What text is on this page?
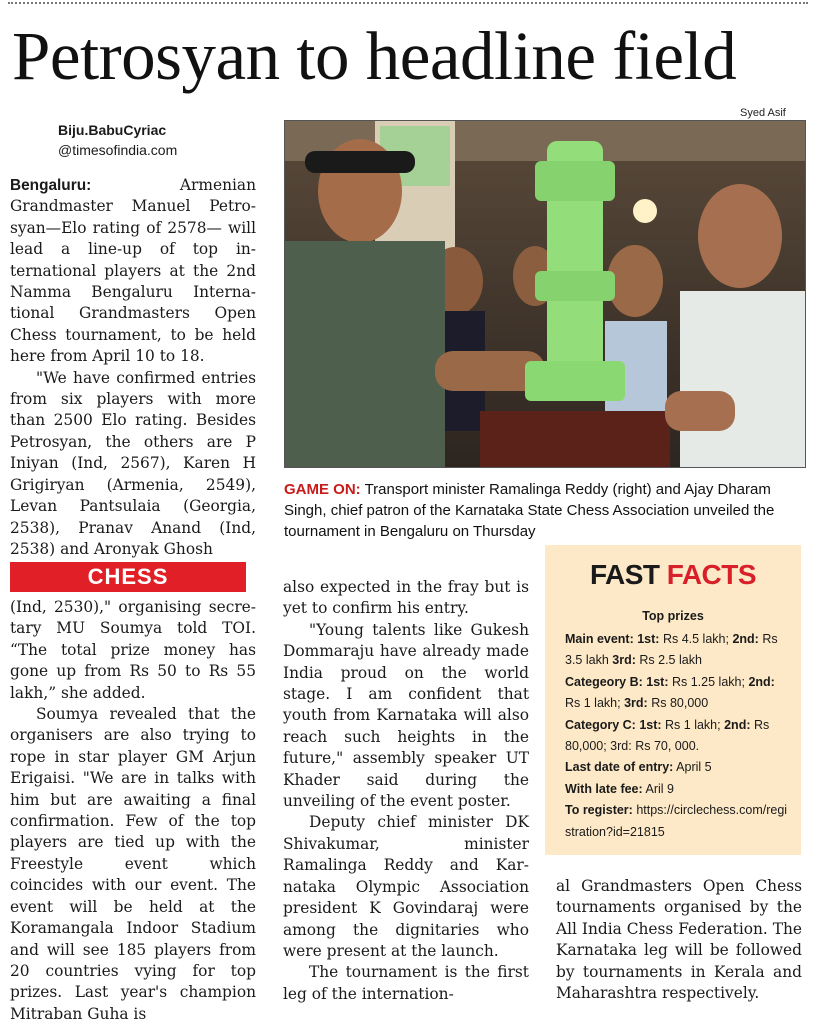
Petrosyan to headline field
Syed Asif
Biju.BabuCyriac
@timesofindia.com

Bengaluru:	Armenian Grandmaster Manuel Petrosyan—Elo rating of 2578— will lead a line-up of top international players at the 2nd Namma Bengaluru International Grandmasters Open Chess tournament, to be held here from April 10 to 18.

"We have confirmed entries from six players with more than 2500 Elo rating. Besides Petrosyan, the others are P Iniyan (Ind, 2567), Karen H Grigiryan (Armenia, 2549), Levan Pantsulaia (Georgia, 2538), Pranav Anand (Ind, 2538) and Aronyak Ghosh

CHESS

(Ind, 2530)," organising secretary MU Soumya told TOI. “The total prize money has gone up from Rs 50 to Rs 55 lakh,” she added.

Soumya revealed that the organisers are also trying to rope in star player GM Arjun Erigaisi. "We are in talks with him but are awaiting a final confirmation. Few of the top players are tied up with the Freestyle event which coincides with our event. The event will be held at the Koramangala Indoor Stadium and will see 185 players from 20 countries vying for top prizes. Last year's champion Mitraban Guha is

GAME ON: Transport minister Ramalinga Reddy (right) and Ajay Dharam Singh, chief patron of the Karnataka State Chess Association unveiled the tournament in Bengaluru on Thursday

also expected in the fray but is yet to confirm his entry.

"Young talents like Gukesh Dommaraju have already made India proud on the world stage. I am confident that youth from Karnataka will also reach such heights in the future," assembly speaker UT Khader said during the unveiling of the event poster.

Deputy chief minister DK Shivakumar, minister Ramalinga Reddy and Karnataka Olympic Association president K Govindaraj were among the dignitaries who were present at the launch.

The tournament is the first leg of the internation-

FAST FACTS
Top prizes

Main event: 1st: Rs 4.5 lakh; 2nd: Rs 3.5 lakh 3rd: Rs 2.5 lakh

Categeory B: 1st: Rs 1.25 lakh; 2nd: Rs 1 lakh; 3rd: Rs 80,000

Category C: 1st: Rs 1 lakh; 2nd: Rs 80,000; 3rd: Rs 70, 000.

Last date of entry: April 5

With late fee: Aril 9

To register: https://circlechess.com/registration?id=21815

al Grandmasters Open Chess tournaments organised by the All India Chess Federation. The Karnataka leg will be followed by tournaments in Kerala and Maharashtra respectively.
